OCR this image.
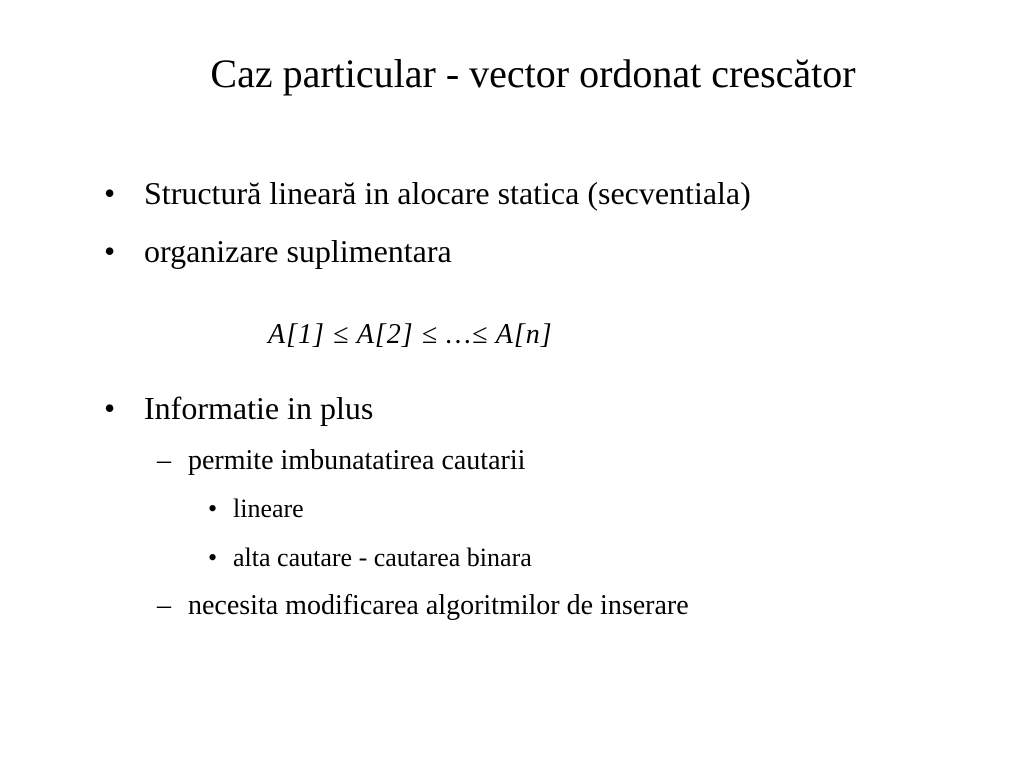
Caz particular - vector ordonat crescător
• Structură lineară in alocare statica (secventiala)
• organizare suplimentara
A[1] ≤ A[2] ≤ …≤ A[n]
• Informatie in plus
– permite imbunatatirea cautarii
• lineare
• alta cautare - cautarea binara
– necesita modificarea algoritmilor de inserare
